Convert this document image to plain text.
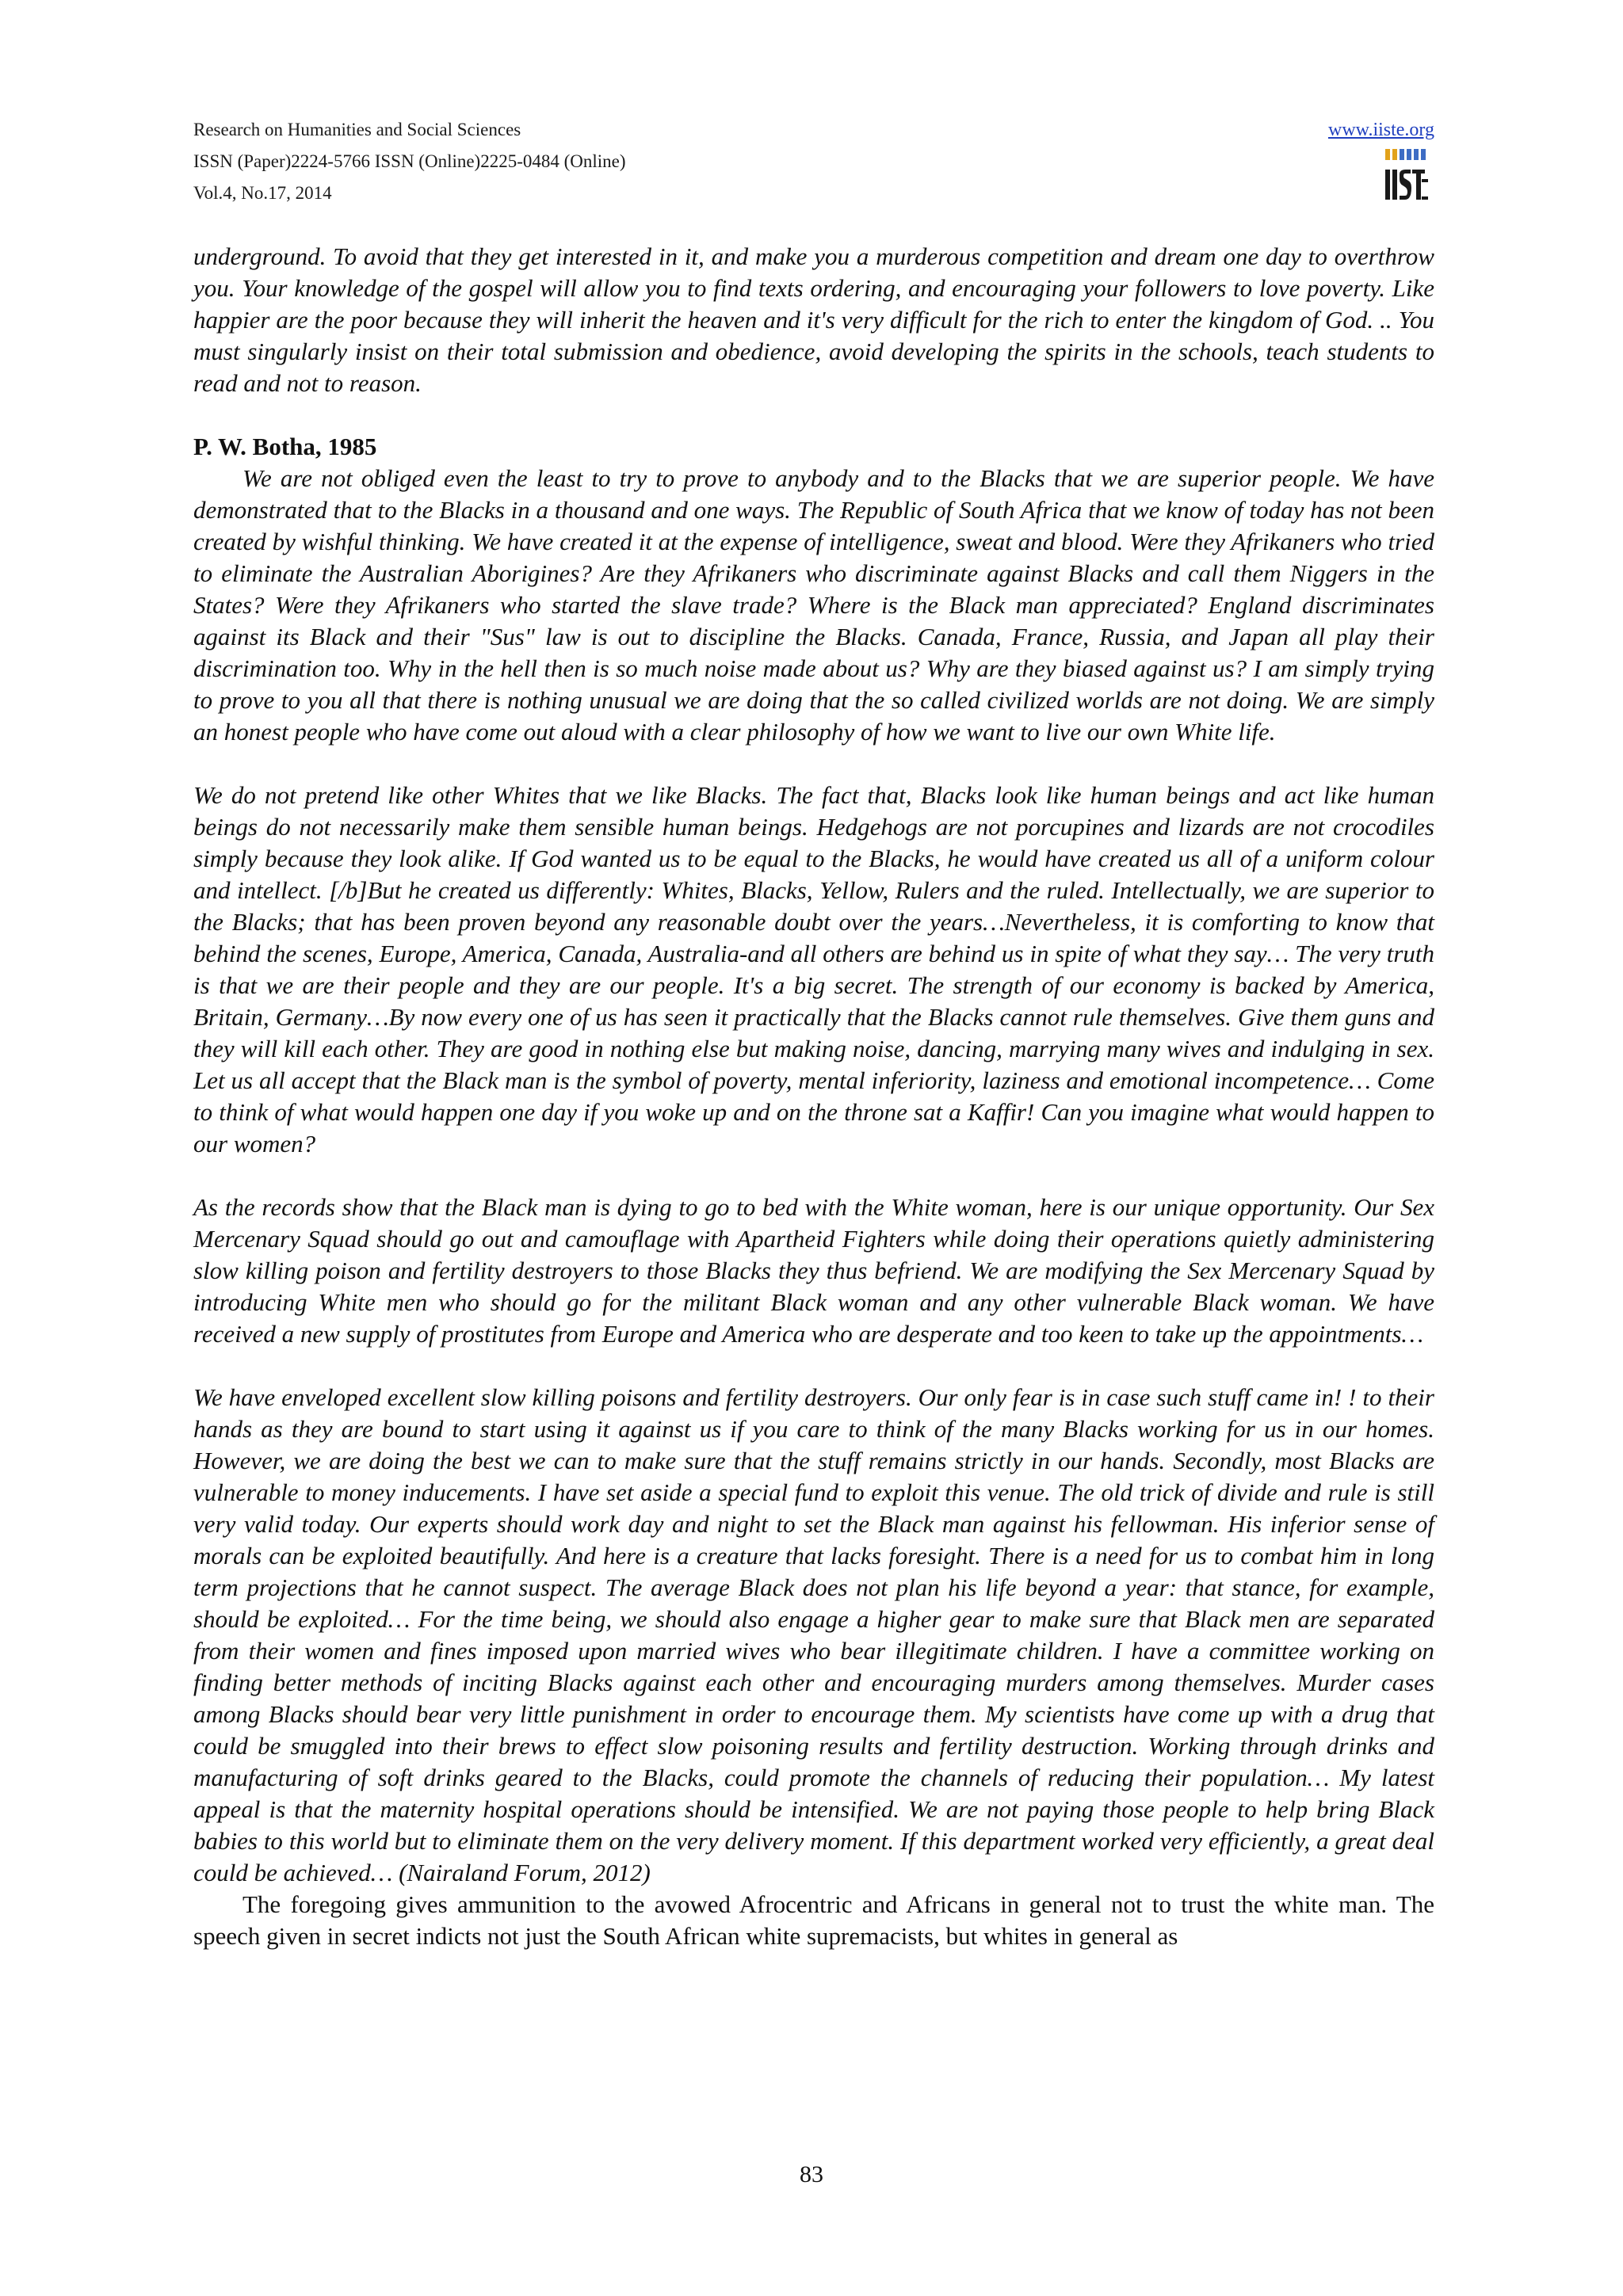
Research on Humanities and Social Sciences
ISSN (Paper)2224-5766 ISSN (Online)2225-0484 (Online)
Vol.4, No.17, 2014
www.iiste.org

underground. To avoid that they get interested in it, and make you a murderous competition and dream one day to overthrow you. Your knowledge of the gospel will allow you to find texts ordering, and encouraging your followers to love poverty. Like happier are the poor because they will inherit the heaven and it's very difficult for the rich to enter the kingdom of God. .. You must singularly insist on their total submission and obedience, avoid developing the spirits in the schools, teach students to read and not to reason.

P. W. Botha, 1985

We are not obliged even the least to try to prove to anybody and to the Blacks that we are superior people. We have demonstrated that to the Blacks in a thousand and one ways. The Republic of South Africa that we know of today has not been created by wishful thinking. We have created it at the expense of intelligence, sweat and blood. Were they Afrikaners who tried to eliminate the Australian Aborigines? Are they Afrikaners who discriminate against Blacks and call them Niggers in the States? Were they Afrikaners who started the slave trade? Where is the Black man appreciated? England discriminates against its Black and their "Sus" law is out to discipline the Blacks. Canada, France, Russia, and Japan all play their discrimination too. Why in the hell then is so much noise made about us? Why are they biased against us? I am simply trying to prove to you all that there is nothing unusual we are doing that the so called civilized worlds are not doing. We are simply an honest people who have come out aloud with a clear philosophy of how we want to live our own White life.

We do not pretend like other Whites that we like Blacks. The fact that, Blacks look like human beings and act like human beings do not necessarily make them sensible human beings. Hedgehogs are not porcupines and lizards are not crocodiles simply because they look alike. If God wanted us to be equal to the Blacks, he would have created us all of a uniform colour and intellect. [/b]But he created us differently: Whites, Blacks, Yellow, Rulers and the ruled. Intellectually, we are superior to the Blacks; that has been proven beyond any reasonable doubt over the years…Nevertheless, it is comforting to know that behind the scenes, Europe, America, Canada, Australia-and all others are behind us in spite of what they say… The very truth is that we are their people and they are our people. It's a big secret. The strength of our economy is backed by America, Britain, Germany…By now every one of us has seen it practically that the Blacks cannot rule themselves. Give them guns and they will kill each other. They are good in nothing else but making noise, dancing, marrying many wives and indulging in sex. Let us all accept that the Black man is the symbol of poverty, mental inferiority, laziness and emotional incompetence… Come to think of what would happen one day if you woke up and on the throne sat a Kaffir! Can you imagine what would happen to our women?

As the records show that the Black man is dying to go to bed with the White woman, here is our unique opportunity. Our Sex Mercenary Squad should go out and camouflage with Apartheid Fighters while doing their operations quietly administering slow killing poison and fertility destroyers to those Blacks they thus befriend. We are modifying the Sex Mercenary Squad by introducing White men who should go for the militant Black woman and any other vulnerable Black woman. We have received a new supply of prostitutes from Europe and America who are desperate and too keen to take up the appointments…

We have enveloped excellent slow killing poisons and fertility destroyers. Our only fear is in case such stuff came in! ! to their hands as they are bound to start using it against us if you care to think of the many Blacks working for us in our homes. However, we are doing the best we can to make sure that the stuff remains strictly in our hands. Secondly, most Blacks are vulnerable to money inducements. I have set aside a special fund to exploit this venue. The old trick of divide and rule is still very valid today. Our experts should work day and night to set the Black man against his fellowman. His inferior sense of morals can be exploited beautifully. And here is a creature that lacks foresight. There is a need for us to combat him in long term projections that he cannot suspect. The average Black does not plan his life beyond a year: that stance, for example, should be exploited… For the time being, we should also engage a higher gear to make sure that Black men are separated from their women and fines imposed upon married wives who bear illegitimate children. I have a committee working on finding better methods of inciting Blacks against each other and encouraging murders among themselves. Murder cases among Blacks should bear very little punishment in order to encourage them. My scientists have come up with a drug that could be smuggled into their brews to effect slow poisoning results and fertility destruction. Working through drinks and manufacturing of soft drinks geared to the Blacks, could promote the channels of reducing their population… My latest appeal is that the maternity hospital operations should be intensified. We are not paying those people to help bring Black babies to this world but to eliminate them on the very delivery moment. If this department worked very efficiently, a great deal could be achieved… (Nairaland Forum, 2012)

The foregoing gives ammunition to the avowed Afrocentric and Africans in general not to trust the white man. The speech given in secret indicts not just the South African white supremacists, but whites in general as

83
